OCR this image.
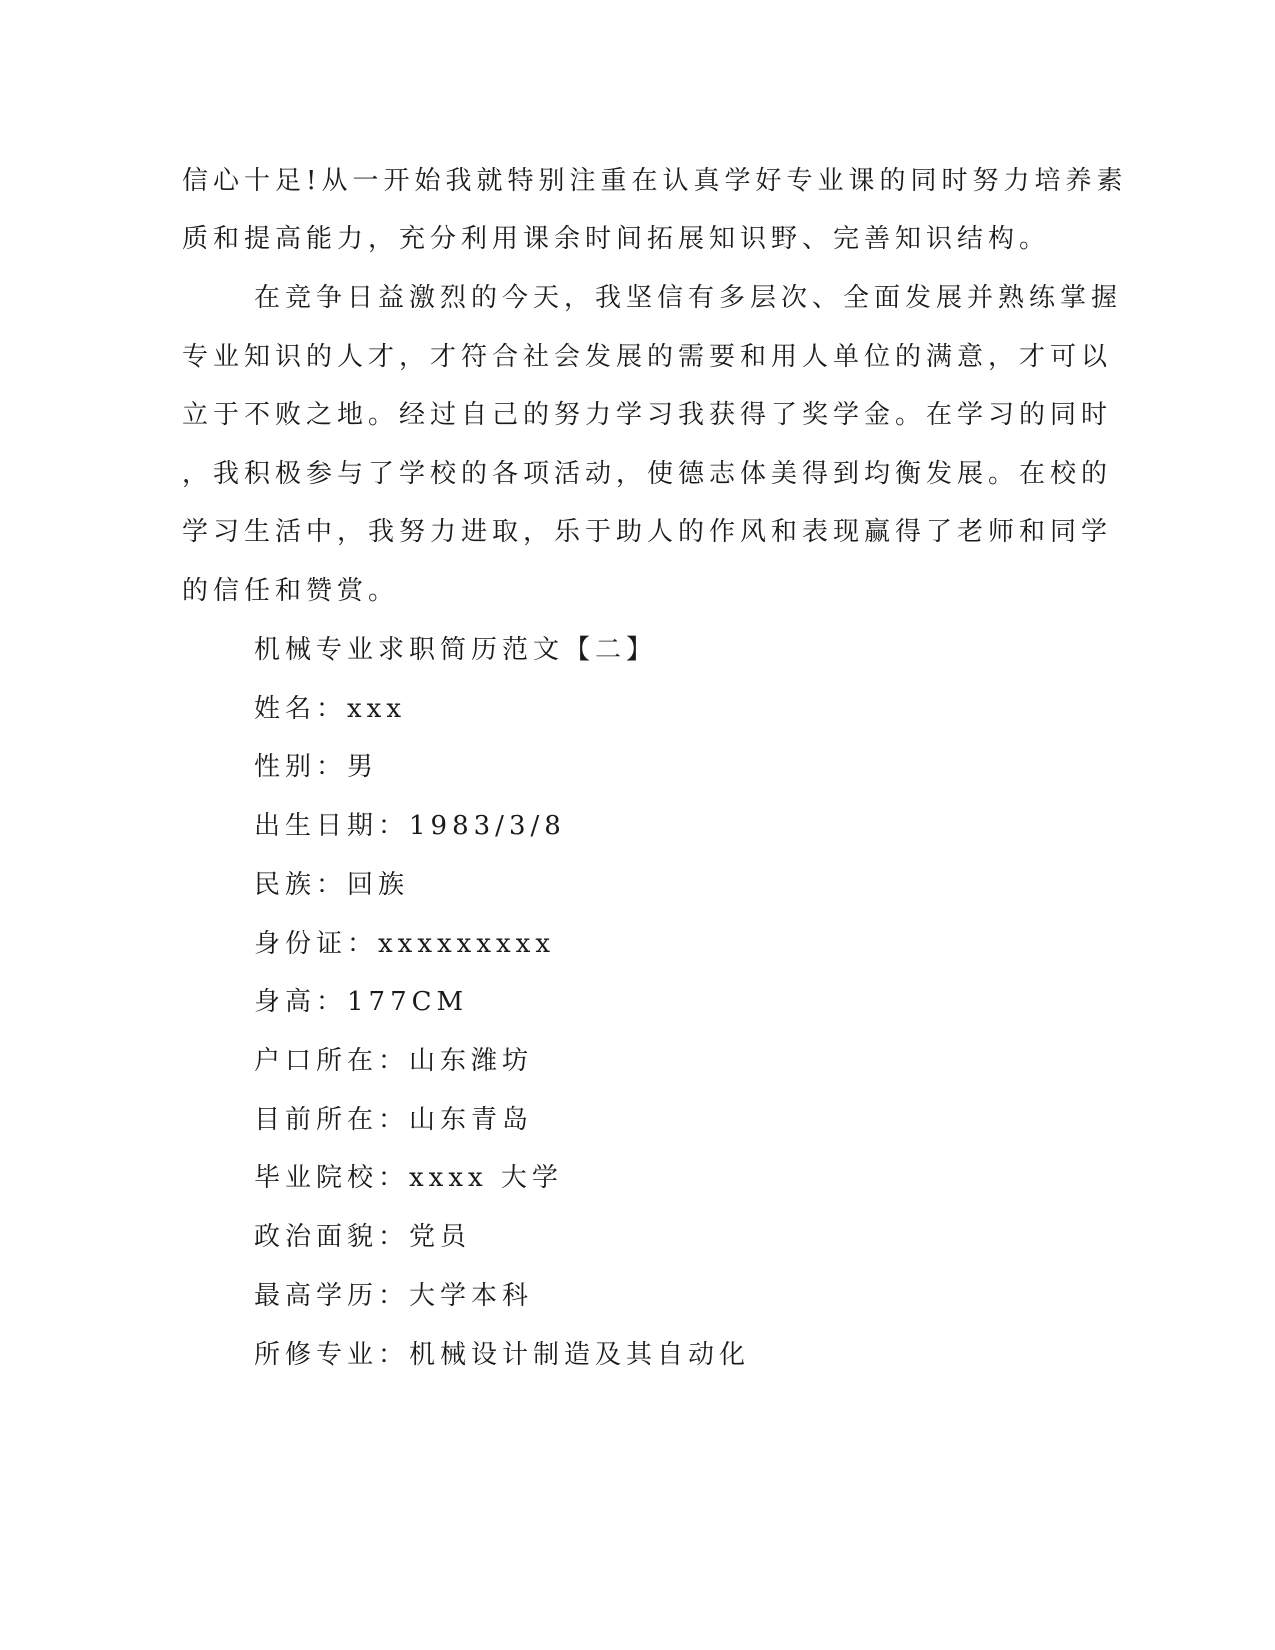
信心十足!从一开始我就特别注重在认真学好专业课的同时努力培养素
质和提高能力，充分利用课余时间拓展知识野、完善知识结构。
在竞争日益激烈的今天，我坚信有多层次、全面发展并熟练掌握
专业知识的人才，才符合社会发展的需要和用人单位的满意，才可以
立于不败之地。经过自己的努力学习我获得了奖学金。在学习的同时
，我积极参与了学校的各项活动，使德志体美得到均衡发展。在校的
学习生活中，我努力进取，乐于助人的作风和表现赢得了老师和同学
的信任和赞赏。
机械专业求职简历范文【二】
姓名：xxx
性别：男
出生日期：1983/3/8
民族：回族
身份证：xxxxxxxxx
身高：177CM
户口所在：山东潍坊
目前所在：山东青岛
毕业院校：xxxx 大学
政治面貌：党员
最高学历：大学本科
所修专业：机械设计制造及其自动化
